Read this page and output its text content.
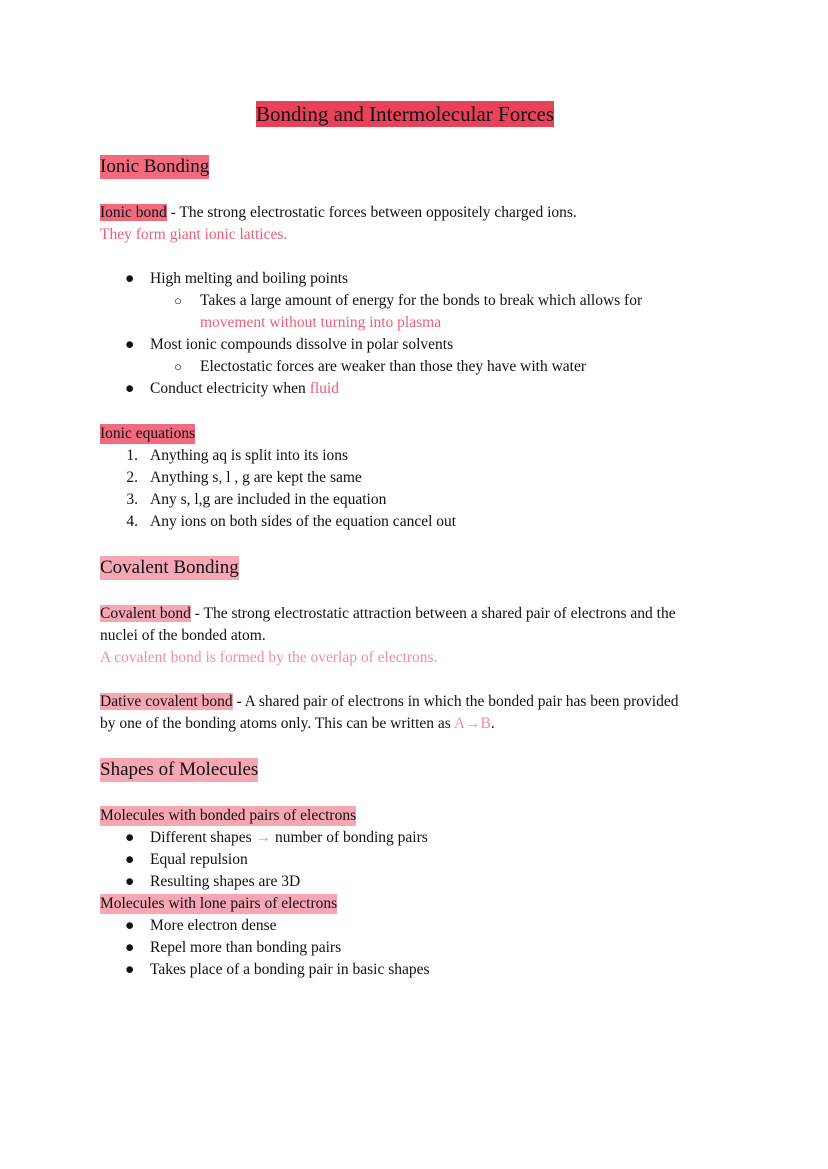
Bonding and Intermolecular Forces
Ionic Bonding
Ionic bond - The strong electrostatic forces between oppositely charged ions.
They form giant ionic lattices.
● High melting and boiling points
○ Takes a large amount of energy for the bonds to break which allows for
movement without turning into plasma
● Most ionic compounds dissolve in polar solvents
○ Electostatic forces are weaker than those they have with water
● Conduct electricity when fluid
Ionic equations
1. Anything aq is split into its ions
2. Anything s, l , g are kept the same
3. Any s, l,g are included in the equation
4. Any ions on both sides of the equation cancel out
Covalent Bonding
Covalent bond - The strong electrostatic attraction between a shared pair of electrons and the
nuclei of the bonded atom.
A covalent bond is formed by the overlap of electrons.
Dative covalent bond - A shared pair of electrons in which the bonded pair has been provided
by one of the bonding atoms only. This can be written as A→B.
Shapes of Molecules
Molecules with bonded pairs of electrons
● Different shapes → number of bonding pairs
● Equal repulsion
● Resulting shapes are 3D
Molecules with lone pairs of electrons
● More electron dense
● Repel more than bonding pairs
● Takes place of a bonding pair in basic shapes
